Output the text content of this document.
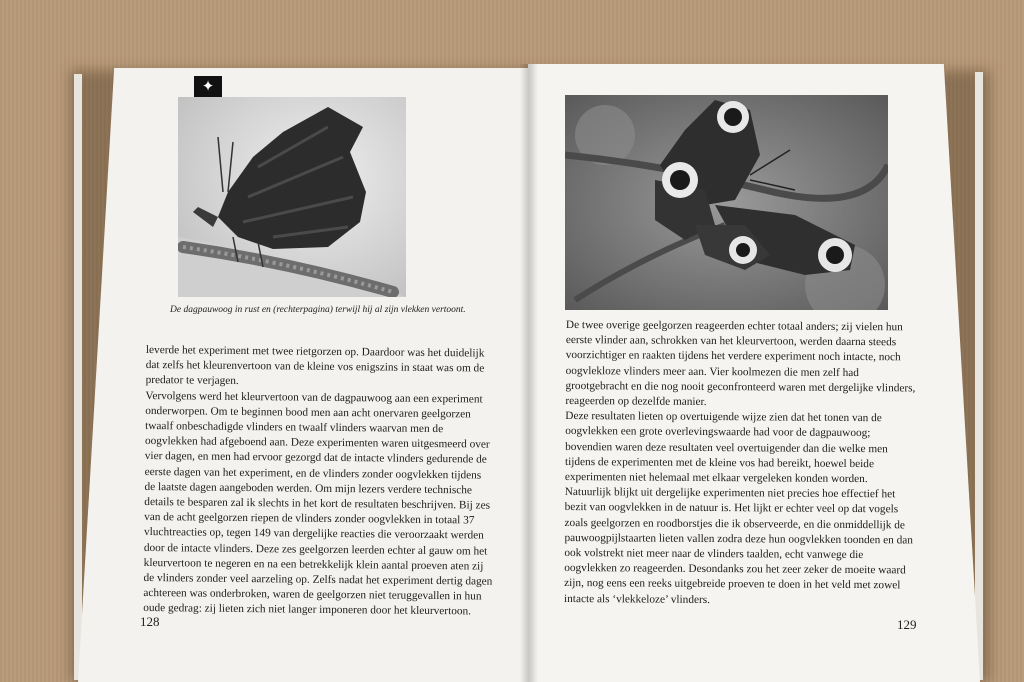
✦
De dagpauwoog in rust en (rechterpagina) terwijl hij al zijn vlekken vertoont.

leverde het experiment met twee rietgorzen op. Daardoor was het duidelijk dat zelfs het kleurenvertoon van de kleine vos enigszins in staat was om de predator te verjagen.

Vervolgens werd het kleurvertoon van de dagpauwoog aan een experiment onderworpen. Om te beginnen bood men aan acht onervaren geelgorzen twaalf onbeschadigde vlinders en twaalf vlinders waarvan men de oogvlekken had afgeboend aan. Deze experimenten waren uitgesmeerd over vier dagen, en men had ervoor gezorgd dat de intacte vlinders gedurende de eerste dagen van het experiment, en de vlinders zonder oogvlekken tijdens de laatste dagen aangeboden werden. Om mijn lezers verdere technische details te besparen zal ik slechts in het kort de resultaten beschrijven. Bij zes van de acht geelgorzen riepen de vlinders zonder oogvlekken in totaal 37 vluchtreacties op, tegen 149 van dergelijke reacties die veroorzaakt werden door de intacte vlinders. Deze zes geelgorzen leerden echter al gauw om het kleurvertoon te negeren en na een betrekkelijk klein aantal proeven aten zij de vlinders zonder veel aarzeling op. Zelfs nadat het experiment dertig dagen achtereen was onderbroken, waren de geelgorzen niet teruggevallen in hun oude gedrag: zij lieten zich niet langer imponeren door het kleurvertoon.

128

De twee overige geelgorzen reageerden echter totaal anders; zij vielen hun eerste vlinder aan, schrokken van het kleurvertoon, werden daarna steeds voorzichtiger en raakten tijdens het verdere experiment noch intacte, noch oogvlekloze vlinders meer aan. Vier koolmezen die men zelf had grootgebracht en die nog nooit geconfronteerd waren met dergelijke vlinders, reageerden op dezelfde manier.

Deze resultaten lieten op overtuigende wijze zien dat het tonen van de oogvlekken een grote overlevingswaarde had voor de dagpauwoog; bovendien waren deze resultaten veel overtuigender dan die welke men tijdens de experimenten met de kleine vos had bereikt, hoewel beide experimenten niet helemaal met elkaar vergeleken konden worden.

Natuurlijk blijkt uit dergelijke experimenten niet precies hoe effectief het bezit van oogvlekken in de natuur is. Het lijkt er echter veel op dat vogels zoals geelgorzen en roodborstjes die ik observeerde, en die onmiddellijk de pauwoogpijlstaarten lieten vallen zodra deze hun oogvlekken toonden en dan ook volstrekt niet meer naar de vlinders taalden, echt vanwege die oogvlekken zo reageerden. Desondanks zou het zeer zeker de moeite waard zijn, nog eens een reeks uitgebreide proeven te doen in het veld met zowel intacte als ‘vlekkeloze’ vlinders.

129
